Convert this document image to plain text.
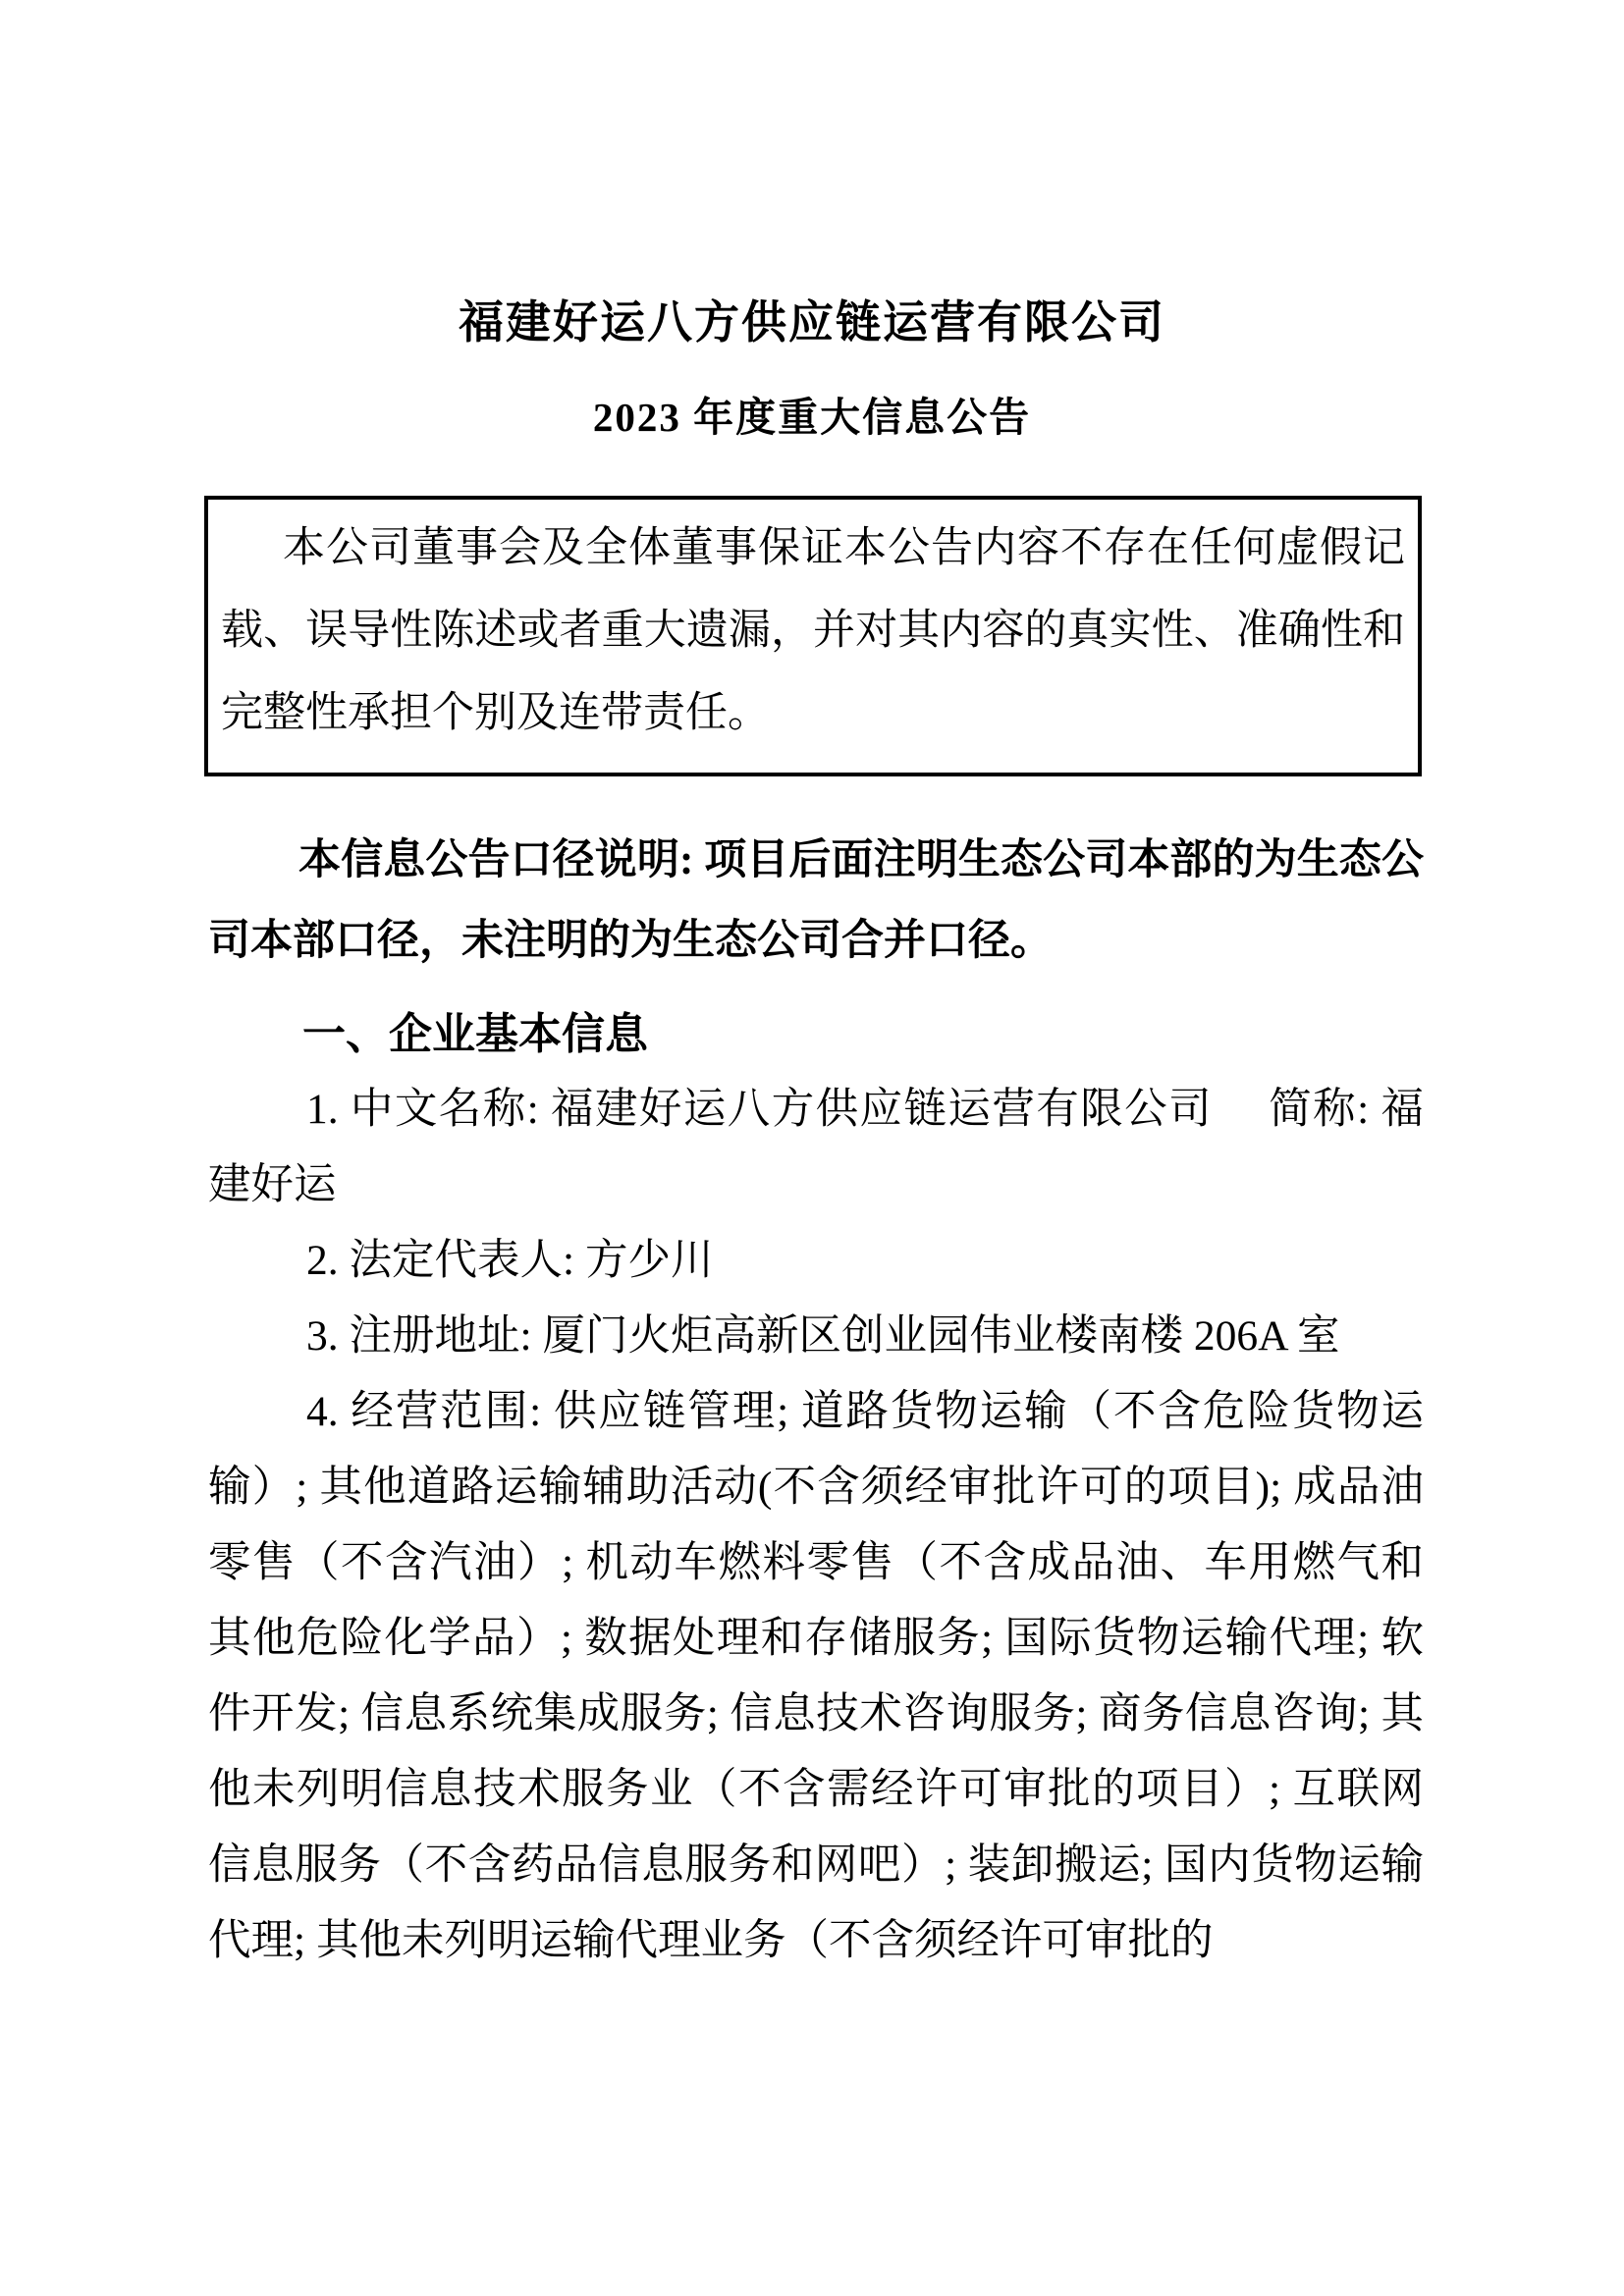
福建好运八方供应链运营有限公司
2023 年度重大信息公告

本公司董事会及全体董事保证本公告内容不存在任何虚假记载、误导性陈述或者重大遗漏，并对其内容的真实性、准确性和完整性承担个别及连带责任。

本信息公告口径说明: 项目后面注明生态公司本部的为生态公司本部口径，未注明的为生态公司合并口径。

一、企业基本信息

1. 中文名称: 福建好运八方供应链运营有限公司　 简称: 福建好运

2. 法定代表人: 方少川

3. 注册地址: 厦门火炬高新区创业园伟业楼南楼 206A 室

4. 经营范围: 供应链管理; 道路货物运输（不含危险货物运输）; 其他道路运输辅助活动(不含须经审批许可的项目); 成品油零售（不含汽油）; 机动车燃料零售（不含成品油、车用燃气和其他危险化学品）; 数据处理和存储服务; 国际货物运输代理; 软件开发; 信息系统集成服务; 信息技术咨询服务; 商务信息咨询; 其他未列明信息技术服务业（不含需经许可审批的项目）; 互联网信息服务（不含药品信息服务和网吧）; 装卸搬运; 国内货物运输代理; 其他未列明运输代理业务（不含须经许可审批的
